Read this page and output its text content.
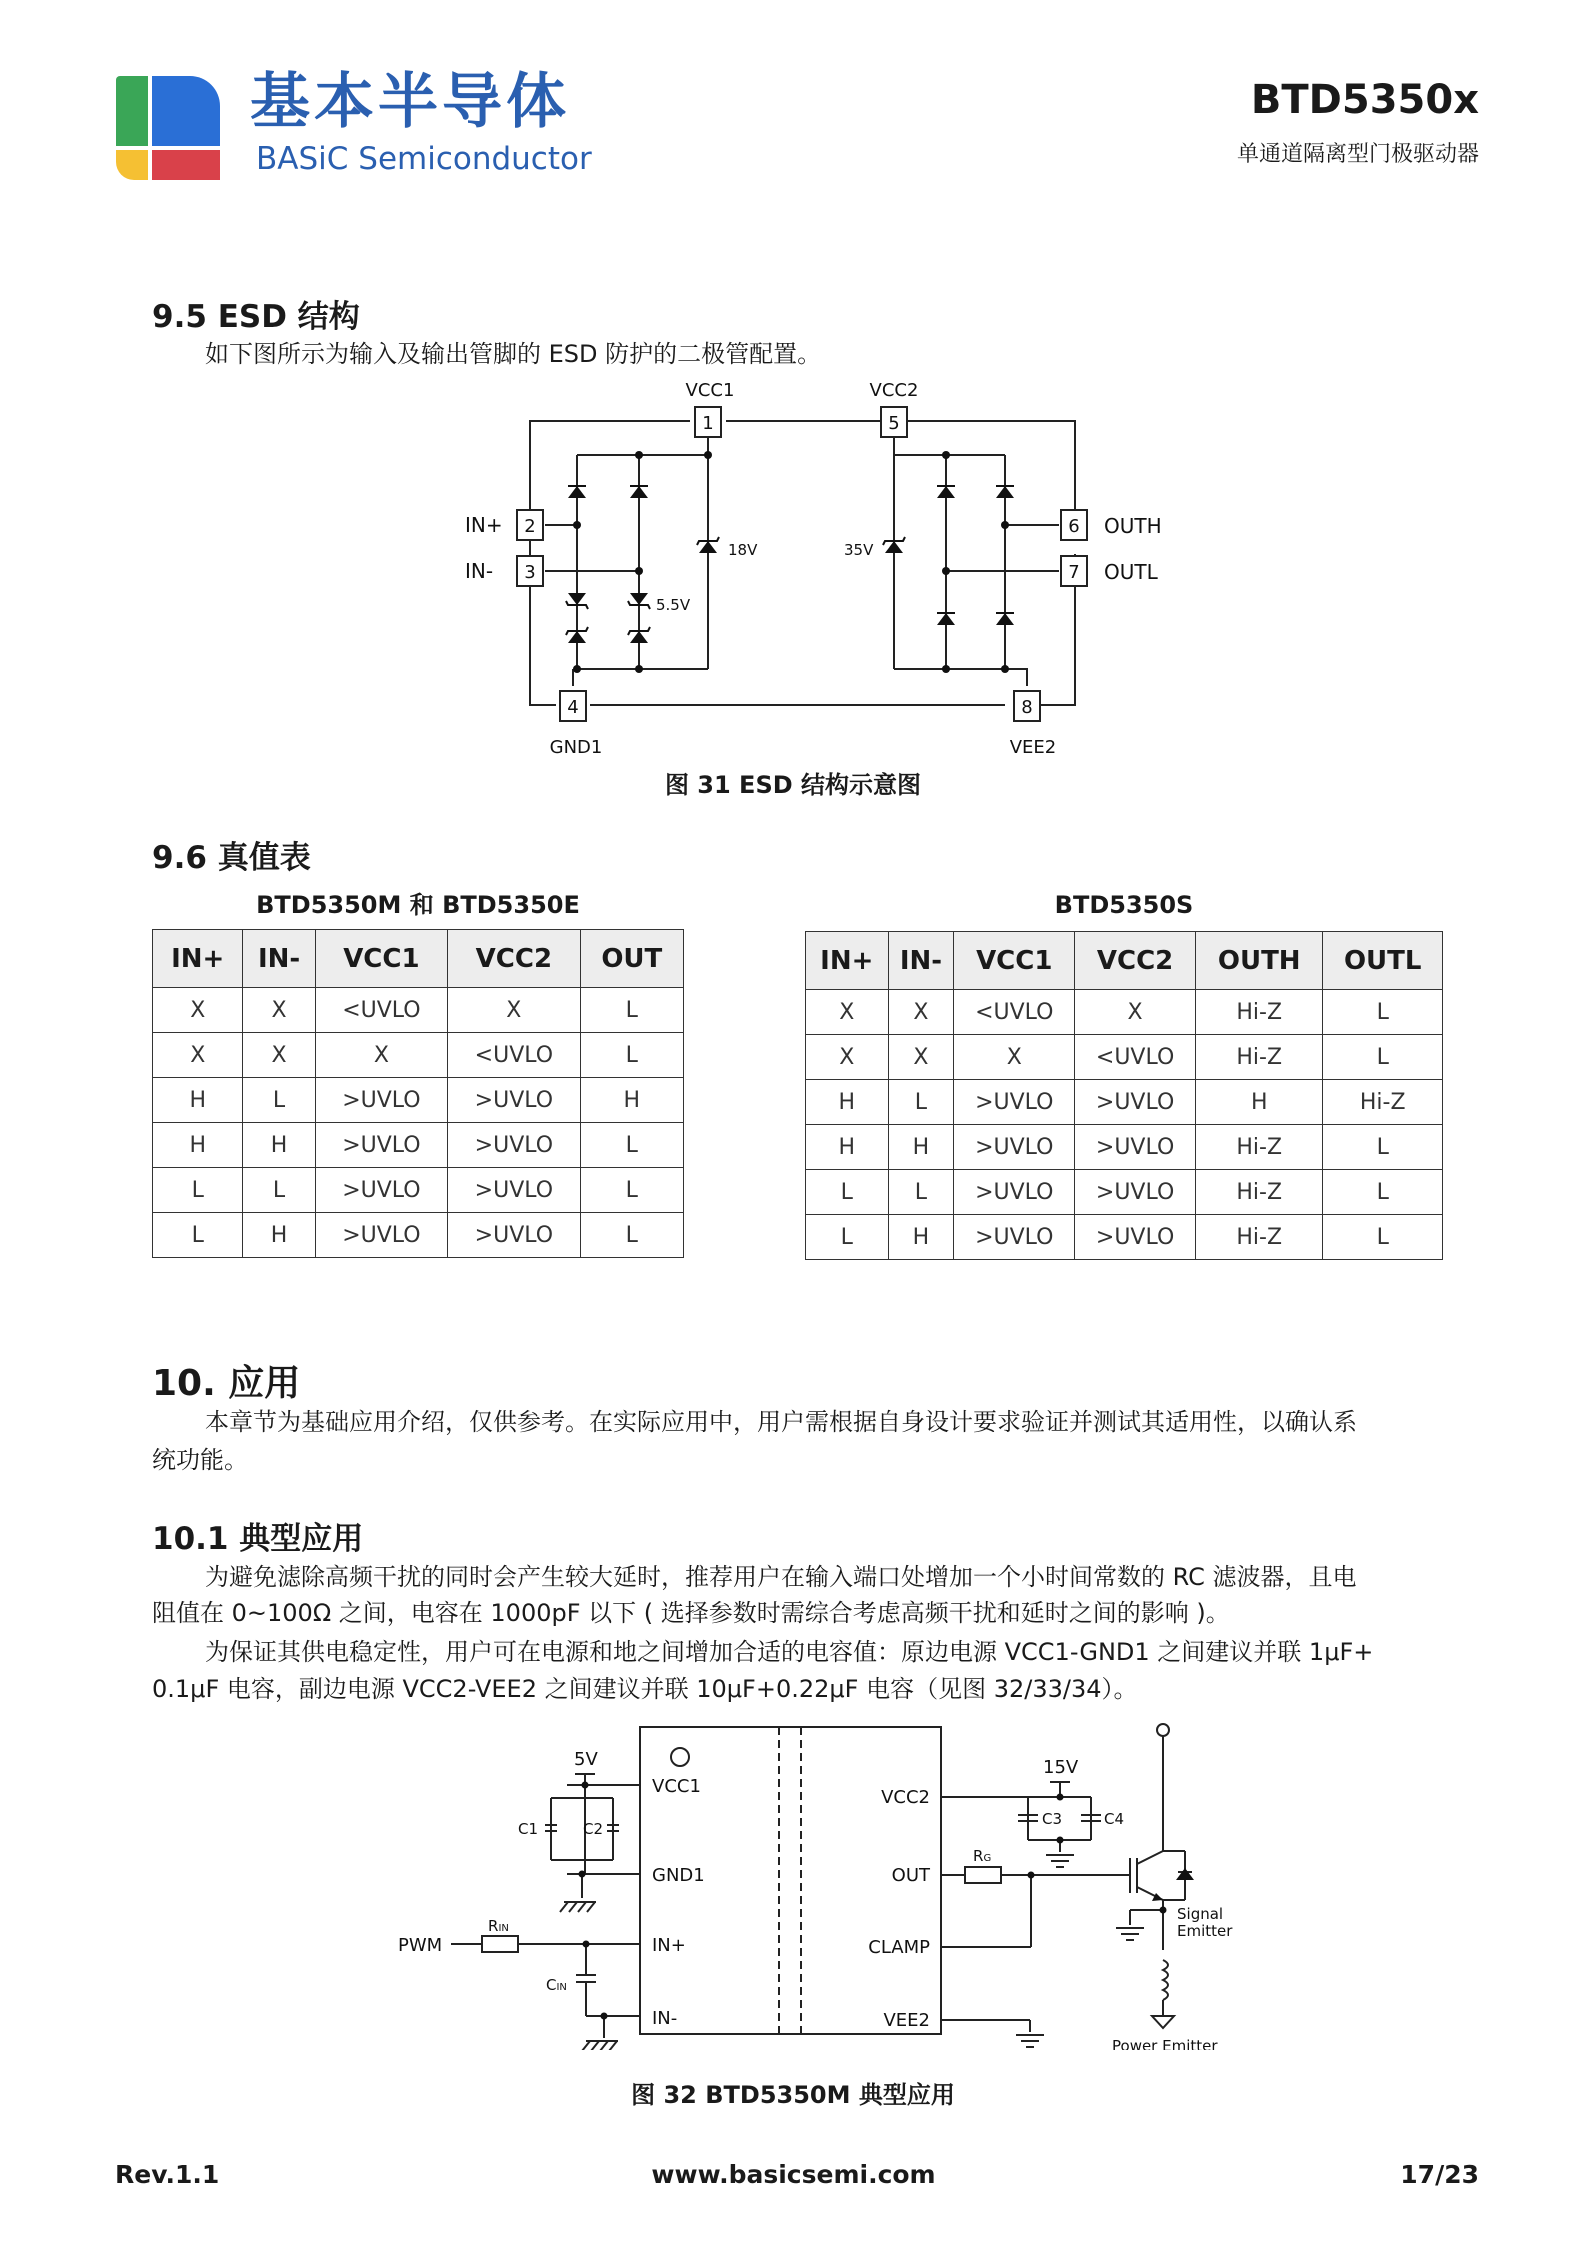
基本半导体
BASiC Semiconductor
BTD5350x
单通道隔离型门极驱动器
9.5 ESD 结构
如下图所示为输入及输出管脚的 ESD 防护的二极管配置。
1	5
2
3
4
6
7
8
VCC1	VCC2
GND1	VEE2
IN+
IN-
OUTH
OUTL
18V	35V
5.5V
图 31 ESD 结构示意图
9.6 真值表
BTD5350M 和 BTD5350E
IN+	IN-	VCC1	VCC2	OUT
X	X	<UVLO	X	L
X	X	X	<UVLO	L
H	L	>UVLO	>UVLO	H
H	H	>UVLO	>UVLO	L
L	L	>UVLO	>UVLO	L
L	H	>UVLO	>UVLO	L
BTD5350S
IN+	IN-	VCC1	VCC2	OUTH	OUTL
X	X	<UVLO	X	Hi-Z	L
X	X	X	<UVLO	Hi-Z	L
H	L	>UVLO	>UVLO	H	Hi-Z
H	H	>UVLO	>UVLO	Hi-Z	L
L	L	>UVLO	>UVLO	Hi-Z	L
L	H	>UVLO	>UVLO	Hi-Z	L
10. 应用
本章节为基础应用介绍，仅供参考。在实际应用中，用户需根据自身设计要求验证并测试其适用性，以确认系
统功能。
10.1 典型应用
为避免滤除高频干扰的同时会产生较大延时，推荐用户在输入端口处增加一个小时间常数的 RC 滤波器，且电
阻值在 0~100Ω 之间，电容在 1000pF 以下 ( 选择参数时需综合考虑高频干扰和延时之间的影响 )。
为保证其供电稳定性，用户可在电源和地之间增加合适的电容值：原边电源 VCC1-GND1 之间建议并联 1μF+
0.1μF 电容，副边电源 VCC2-VEE2 之间建议并联 10μF+0.22μF 电容（见图 32/33/34）。
VCC1
GND1
IN+
IN-
VCC2
OUT
CLAMP
VEE2
PWM
5V	15V
C1	C2
C3	C4
RIN
CIN
RG
Signal
Emitter
Power Emitter
图 32 BTD5350M 典型应用
Rev.1.1	www.basicsemi.com	17/23
